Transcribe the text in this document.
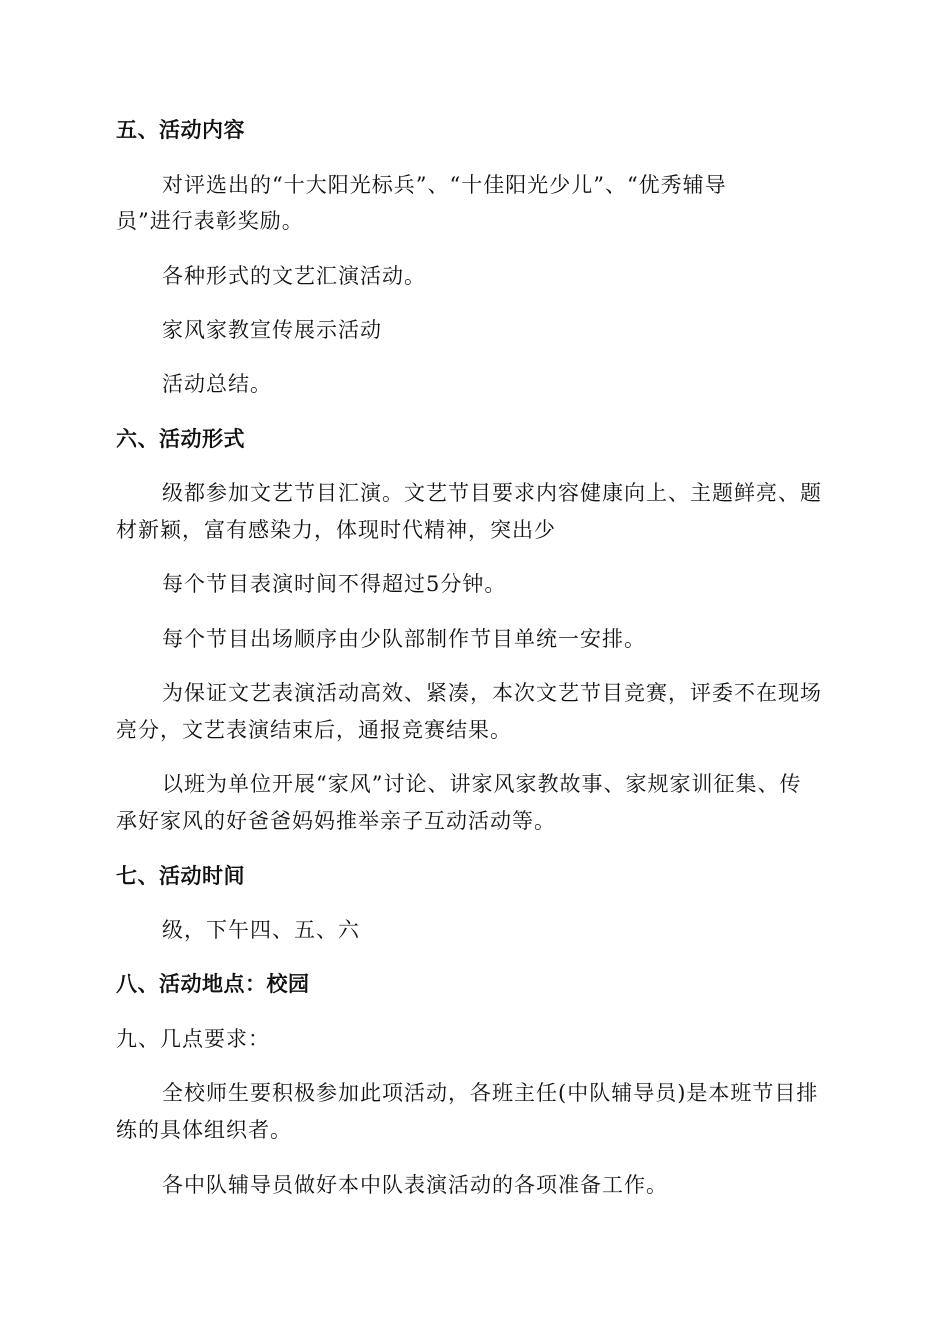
五、活动内容
对评选出的“十大阳光标兵”、“十佳阳光少儿”、“优秀辅导
员”进行表彰奖励。
各种形式的文艺汇演活动。
家风家教宣传展示活动
活动总结。
六、活动形式
级都参加文艺节目汇演。文艺节目要求内容健康向上、主题鲜亮、题
材新颖，富有感染力，体现时代精神，突出少
每个节目表演时间不得超过5分钟。
每个节目出场顺序由少队部制作节目单统一安排。
为保证文艺表演活动高效、紧凑，本次文艺节目竞赛，评委不在现场
亮分，文艺表演结束后，通报竞赛结果。
以班为单位开展“家风”讨论、讲家风家教故事、家规家训征集、传
承好家风的好爸爸妈妈推举亲子互动活动等。
七、活动时间
级，下午四、五、六
八、活动地点：校园
九、几点要求：
全校师生要积极参加此项活动，各班主任(中队辅导员)是本班节目排
练的具体组织者。
各中队辅导员做好本中队表演活动的各项准备工作。
